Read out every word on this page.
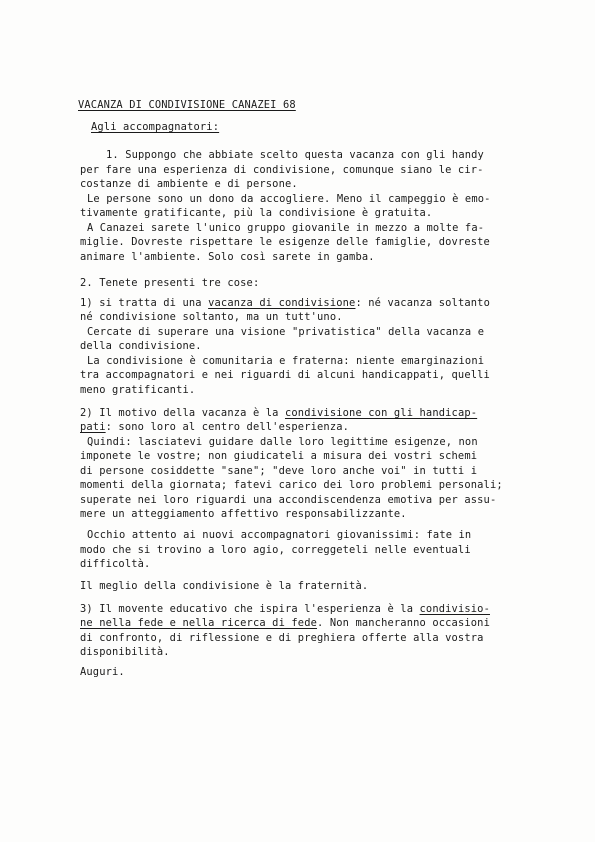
VACANZA DI CONDIVISIONE CANAZEI 68

Agli accompagnatori:

1. Suppongo che abbiate scelto questa vacanza con gli handy

per fare una esperienza di condivisione, comunque siano le cir-

costanze di ambiente e di persone.

Le persone sono un dono da accogliere. Meno il campeggio è emo-

tivamente gratificante, più la condivisione è gratuita.

A Canazei sarete l'unico gruppo giovanile in mezzo a molte fa-

miglie. Dovreste rispettare le esigenze delle famiglie, dovreste

animare l'ambiente. Solo così sarete in gamba.

2. Tenete presenti tre cose:

1) si tratta di una vacanza di condivisione: né vacanza soltanto

né condivisione soltanto, ma un tutt'uno.

Cercate di superare una visione "privatistica" della vacanza e

della condivisione.

La condivisione è comunitaria e fraterna: niente emarginazioni

tra accompagnatori e nei riguardi di alcuni handicappati, quelli

meno gratificanti.

2) Il motivo della vacanza è la condivisione con gli handicap-

pati: sono loro al centro dell'esperienza.

Quindi: lasciatevi guidare dalle loro legittime esigenze, non

imponete le vostre; non giudicateli a misura dei vostri schemi

di persone cosiddette "sane"; "deve loro anche voi" in tutti i

momenti della giornata; fatevi carico dei loro problemi personali;

superate nei loro riguardi una accondiscendenza emotiva per assu-

mere un atteggiamento affettivo responsabilizzante.

Occhio attento ai nuovi accompagnatori giovanissimi: fate in

modo che si trovino a loro agio, correggeteli nelle eventuali

difficoltà.

Il meglio della condivisione è la fraternità.

3) Il movente educativo che ispira l'esperienza è la condivisio-

ne nella fede e nella ricerca di fede. Non mancheranno occasioni

di confronto, di riflessione e di preghiera offerte alla vostra

disponibilità.

Auguri.
